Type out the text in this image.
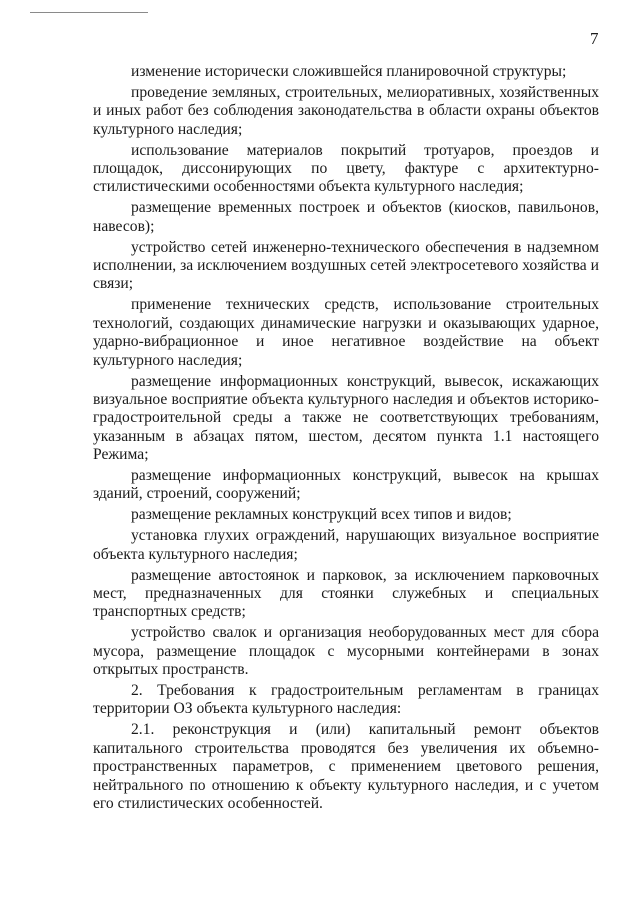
7

изменение исторически сложившейся планировочной структуры;

проведение земляных, строительных, мелиоративных, хозяйственных и иных работ без соблюдения законодательства в области охраны объектов культурного наследия;

использование материалов покрытий тротуаров, проездов и площадок, диссонирующих по цвету, фактуре с архитектурно-стилистическими особенностями объекта культурного наследия;

размещение временных построек и объектов (киосков, павильонов, навесов);

устройство сетей инженерно-технического обеспечения в надземном исполнении, за исключением воздушных сетей электросетевого хозяйства и связи;

применение технических средств, использование строительных технологий, создающих динамические нагрузки и оказывающих ударное, ударно-вибрационное и иное негативное воздействие на объект культурного наследия;

размещение информационных конструкций, вывесок, искажающих визуальное восприятие объекта культурного наследия и объектов историко-градостроительной среды а также не соответствующих требованиям, указанным в абзацах пятом, шестом, десятом пункта 1.1 настоящего Режима;

размещение информационных конструкций, вывесок на крышах зданий, строений, сооружений;

размещение рекламных конструкций всех типов и видов;

установка глухих ограждений, нарушающих визуальное восприятие объекта культурного наследия;

размещение автостоянок и парковок, за исключением парковочных мест, предназначенных для стоянки служебных и специальных транспортных средств;

устройство свалок и организация необорудованных мест для сбора мусора, размещение площадок с мусорными контейнерами в зонах открытых пространств.

2. Требования к градостроительным регламентам в границах территории ОЗ объекта культурного наследия:

2.1. реконструкция и (или) капитальный ремонт объектов капитального строительства проводятся без увеличения их объемно-пространственных параметров, с применением цветового решения, нейтрального по отношению к объекту культурного наследия, и с учетом его стилистических особенностей.
